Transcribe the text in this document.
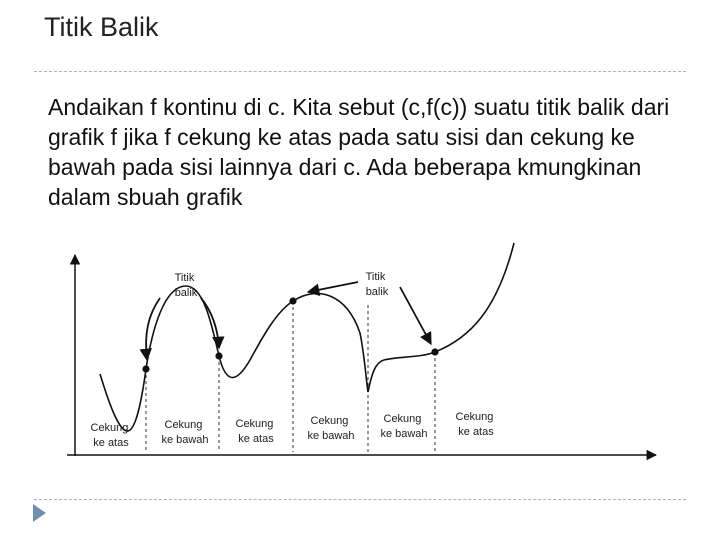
Titik Balik

Andaikan f kontinu di c. Kita sebut (c,f(c)) suatu titik balik dari grafik f jika f cekung ke atas pada satu sisi dan cekung ke bawah pada sisi lainnya dari c. Ada beberapa kmungkinan dalam sbuah grafik

Titik balik
Titik balik
Cekung ke atas
Cekung ke bawah
Cekung ke atas
Cekung ke bawah
Cekung ke bawah
Cekung ke atas
